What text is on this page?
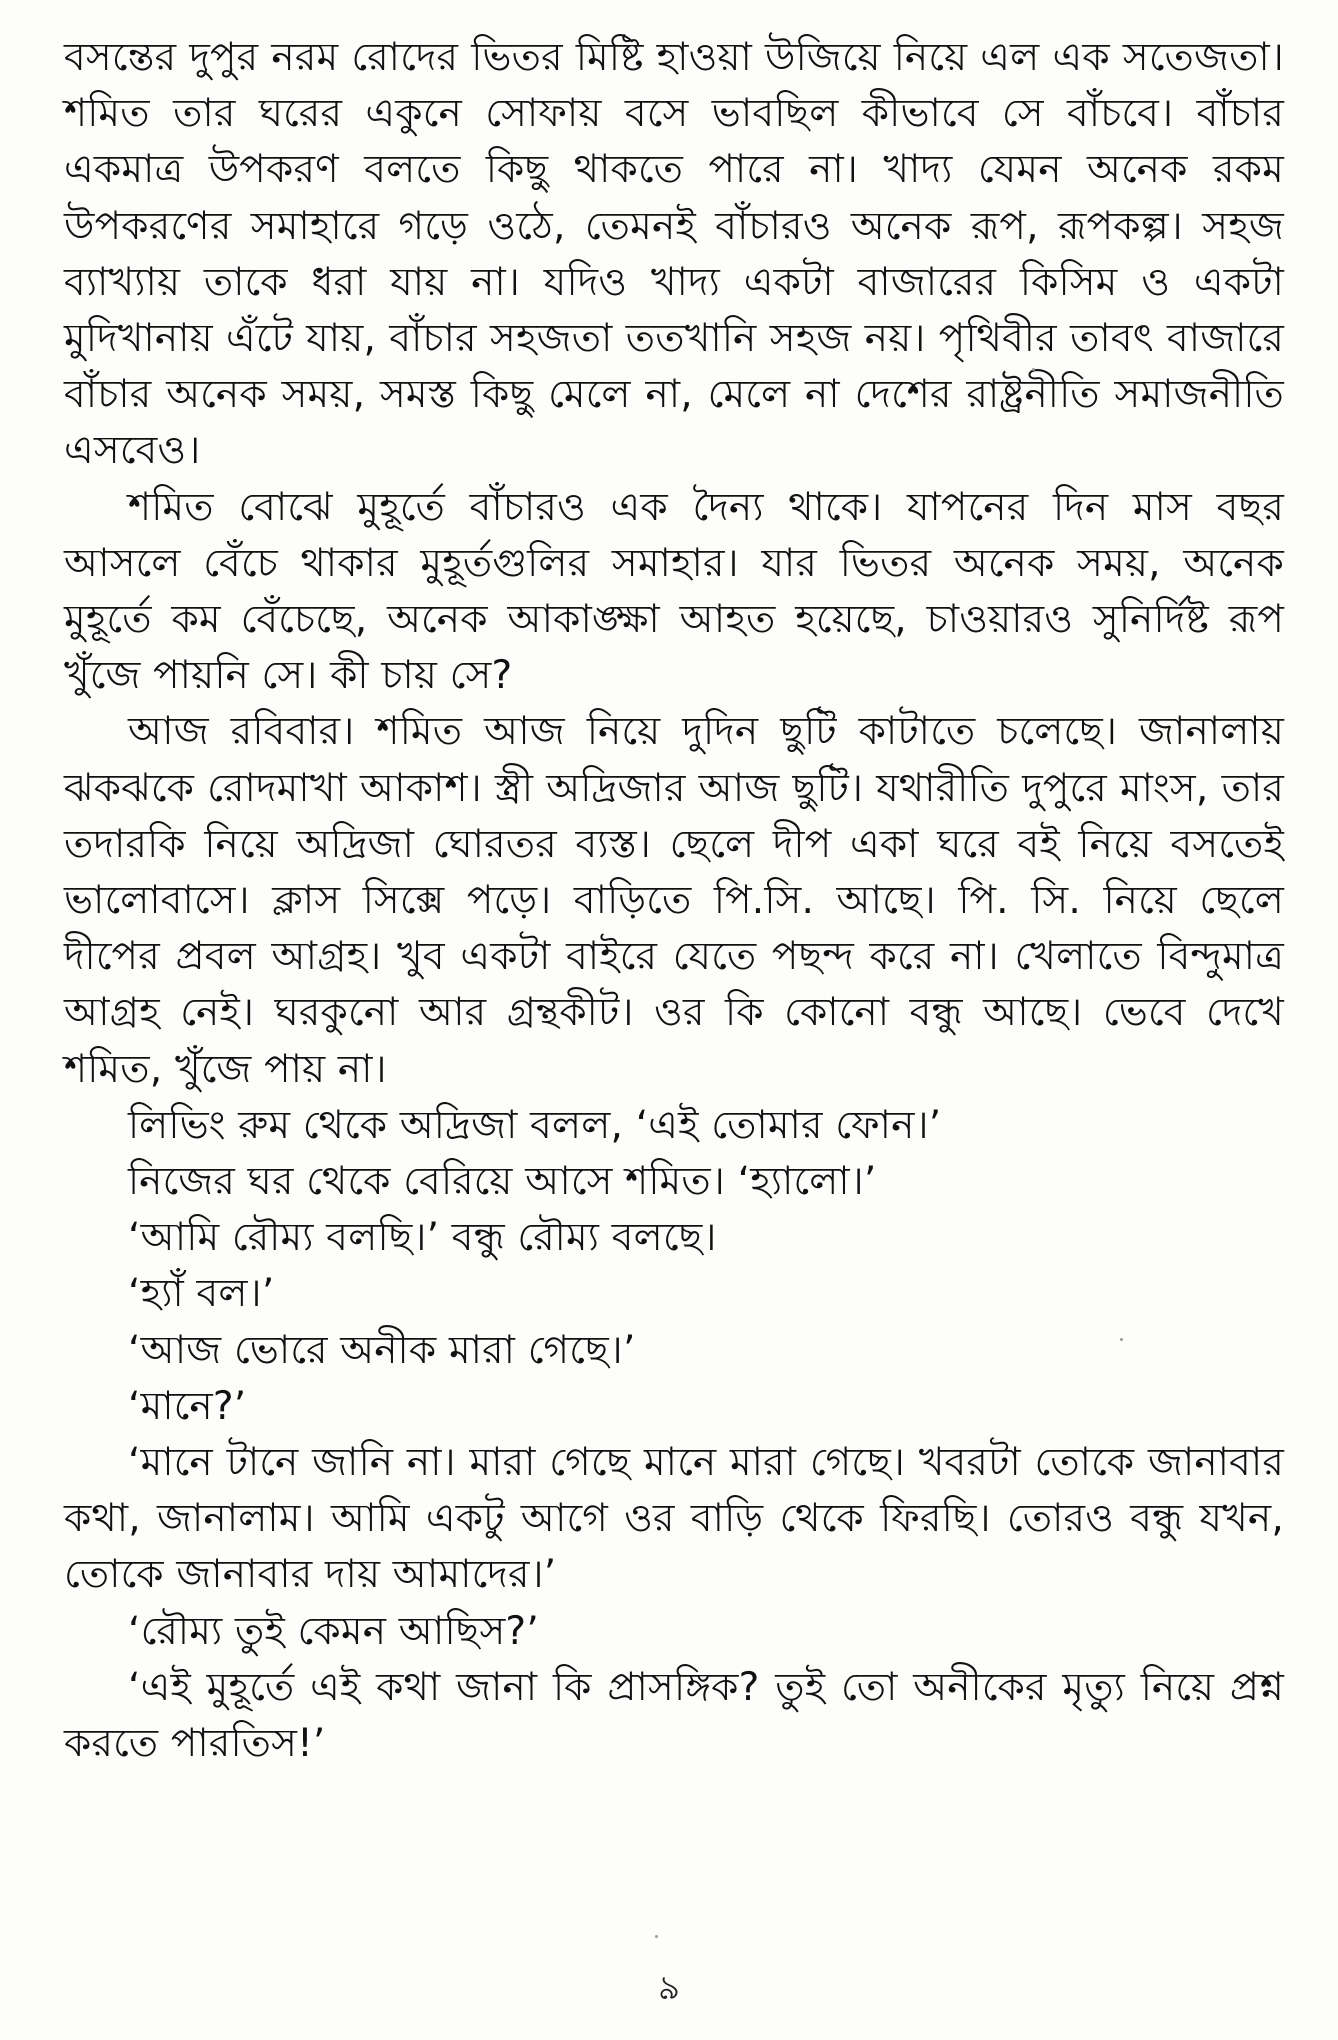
বসন্তের দুপুর নরম রোদের ভিতর মিষ্টি হাওয়া উজিয়ে নিয়ে এল এক সতেজতা। শমিত তার ঘরের একুনে সোফায় বসে ভাবছিল কীভাবে সে বাঁচবে। বাঁচার একমাত্র উপকরণ বলতে কিছু থাকতে পারে না। খাদ্য যেমন অনেক রকম উপকরণের সমাহারে গড়ে ওঠে, তেমনই বাঁচারও অনেক রূপ, রূপকল্প। সহজ ব্যাখ্যায় তাকে ধরা যায় না। যদিও খাদ্য একটা বাজারের কিসিম ও একটা মুদিখানায় এঁটে যায়, বাঁচার সহজতা ততখানি সহজ নয়। পৃথিবীর তাবৎ বাজারে বাঁচার অনেক সময়, সমস্ত কিছু মেলে না, মেলে না দেশের রাষ্ট্রনীতি সমাজনীতি এসবেও।

শমিত বোঝে মুহূর্তে বাঁচারও এক দৈন্য থাকে। যাপনের দিন মাস বছর আসলে বেঁচে থাকার মুহূর্তগুলির সমাহার। যার ভিতর অনেক সময়, অনেক মুহূর্তে কম বেঁচেছে, অনেক আকাঙ্ক্ষা আহত হয়েছে, চাওয়ারও সুনির্দিষ্ট রূপ খুঁজে পায়নি সে। কী চায় সে?

আজ রবিবার। শমিত আজ নিয়ে দুদিন ছুটি কাটাতে চলেছে। জানালায় ঝকঝকে রোদমাখা আকাশ। স্ত্রী অদ্রিজার আজ ছুটি। যথারীতি দুপুরে মাংস, তার তদারকি নিয়ে অদ্রিজা ঘোরতর ব্যস্ত। ছেলে দীপ একা ঘরে বই নিয়ে বসতেই ভালোবাসে। ক্লাস সিক্সে পড়ে। বাড়িতে পি.সি. আছে। পি. সি. নিয়ে ছেলে দীপের প্রবল আগ্রহ। খুব একটা বাইরে যেতে পছন্দ করে না। খেলাতে বিন্দুমাত্র আগ্রহ নেই। ঘরকুনো আর গ্রন্থকীট। ওর কি কোনো বন্ধু আছে। ভেবে দেখে শমিত, খুঁজে পায় না।

লিভিং রুম থেকে অদ্রিজা বলল, ‘এই তোমার ফোন।’

নিজের ঘর থেকে বেরিয়ে আসে শমিত। ‘হ্যালো।’

‘আমি রৌম্য বলছি।’ বন্ধু রৌম্য বলছে।

‘হ্যাঁ বল।’

‘আজ ভোরে অনীক মারা গেছে।’

‘মানে?’

‘মানে টানে জানি না। মারা গেছে মানে মারা গেছে। খবরটা তোকে জানাবার কথা, জানালাম। আমি একটু আগে ওর বাড়ি থেকে ফিরছি। তোরও বন্ধু যখন, তোকে জানাবার দায় আমাদের।’

‘রৌম্য তুই কেমন আছিস?’

‘এই মুহূর্তে এই কথা জানা কি প্রাসঙ্গিক? তুই তো অনীকের মৃত্যু নিয়ে প্রশ্ন করতে পারতিস!’

৯
